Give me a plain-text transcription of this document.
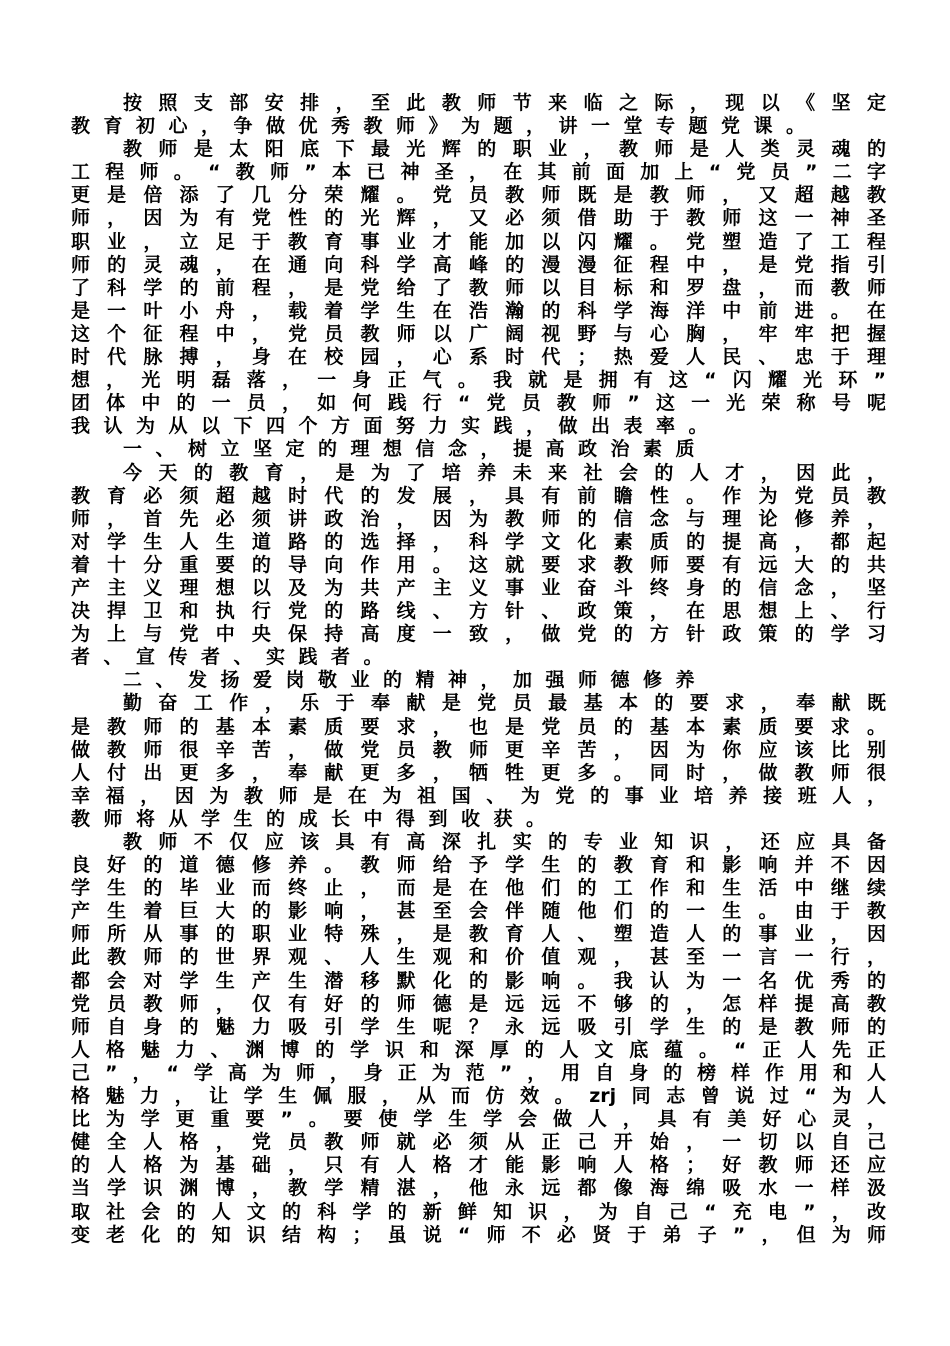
按照支部安排，至此教师节来临之际，现以《坚定
教育初心，争做优秀教师》为题，讲一堂专题党课。
教师是太阳底下最光辉的职业，教师是人类灵魂的
工程师。“教师”本已神圣，在其前面加上“党员”二字
更是倍添了几分荣耀。党员教师既是教师，又超越教
师，因为有党性的光辉，又必须借助于教师这一神圣
职业，立足于教育事业才能加以闪耀。党塑造了工程
师的灵魂，在通向科学高峰的漫漫征程中，是党指引
了科学的前程，是党给了教师以目标和罗盘，而教师
是一叶小舟，载着学生在浩瀚的科学海洋中前进。在
这个征程中，党员教师以广阔视野与心胸，牢牢把握
时代脉搏，身在校园，心系时代；热爱人民、忠于理
想，光明磊落，一身正气。我就是拥有这“闪耀光环”
团体中的一员，如何践行“党员教师”这一光荣称号呢
我认为从以下四个方面努力实践，做出表率。
一、树立坚定的理想信念，提高政治素质
今天的教育，是为了培养未来社会的人才，因此，
教育必须超越时代的发展，具有前瞻性。作为党员教
师，首先必须讲政治，因为教师的信念与理论修养，
对学生人生道路的选择，科学文化素质的提高，都起
着十分重要的导向作用。这就要求教师要有远大的共
产主义理想以及为共产主义事业奋斗终身的信念，坚
决捍卫和执行党的路线、方针、政策，在思想上、行
为上与党中央保持高度一致，做党的方针政策的学习
者、宣传者、实践者。
二、发扬爱岗敬业的精神，加强师德修养
勤奋工作，乐于奉献是党员最基本的要求，奉献既
是教师的基本素质要求，也是党员的基本素质要求。
做教师很辛苦，做党员教师更辛苦，因为你应该比别
人付出更多，奉献更多，牺牲更多。同时，做教师很
幸福，因为教师是在为祖国、为党的事业培养接班人，
教师将从学生的成长中得到收获。
教师不仅应该具有高深扎实的专业知识，还应具备
良好的道德修养。教师给予学生的教育和影响并不因
学生的毕业而终止，而是在他们的工作和生活中继续
产生着巨大的影响，甚至会伴随他们的一生。由于教
师所从事的职业特殊，是教育人、塑造人的事业，因
此教师的世界观、人生观和价值观，甚至一言一行，
都会对学生产生潜移默化的影响。我认为一名优秀的
党员教师，仅有好的师德是远远不够的，怎样提高教
师自身的魅力吸引学生呢？永远吸引学生的是教师的
人格魅力、渊博的学识和深厚的人文底蕴。“正人先正
己”，“学高为师，身正为范”，用自身的榜样作用和人
格魅力，让学生佩服，从而仿效。zrj同志曾说过“为人
比为学更重要”。要使学生学会做人，具有美好心灵，
健全人格，党员教师就必须从正己开始，一切以自己
的人格为基础，只有人格才能影响人格；好教师还应
当学识渊博，教学精湛，他永远都像海绵吸水一样汲
取社会的人文的科学的新鲜知识，为自己“充电”，改
变老化的知识结构；虽说“师不必贤于弟子”，但为师
